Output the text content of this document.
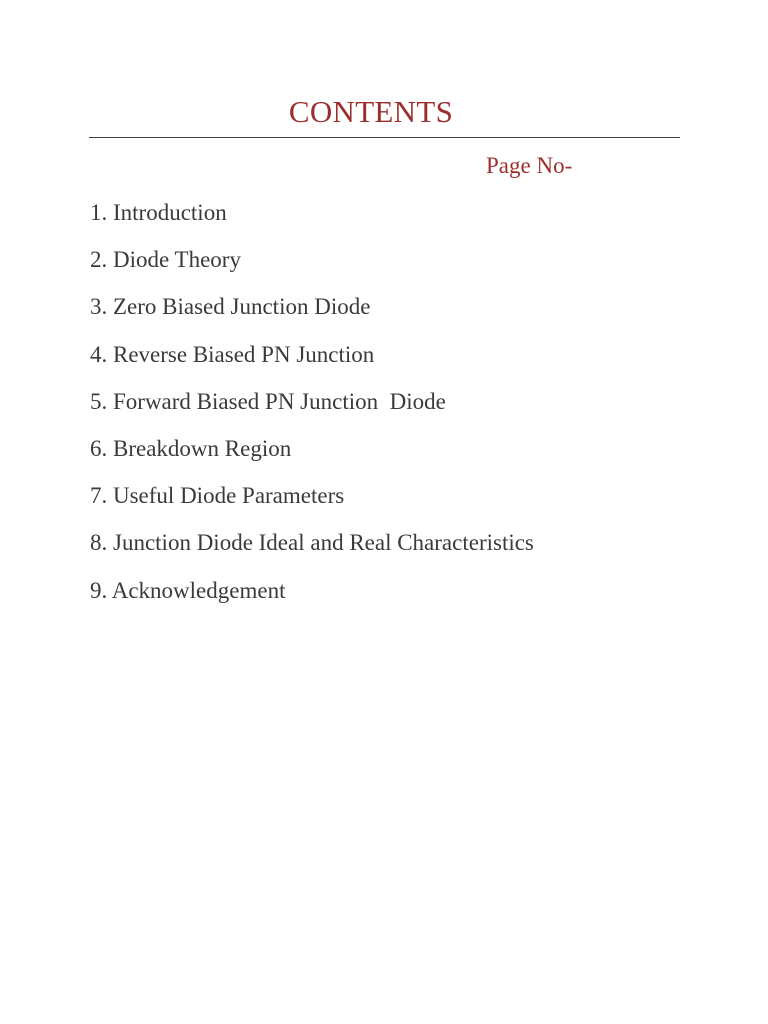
CONTENTS
Page No-
1. Introduction
2. Diode Theory
3. Zero Biased Junction Diode
4. Reverse Biased PN Junction
5. Forward Biased PN Junction  Diode
6. Breakdown Region
7. Useful Diode Parameters
8. Junction Diode Ideal and Real Characteristics
9. Acknowledgement
